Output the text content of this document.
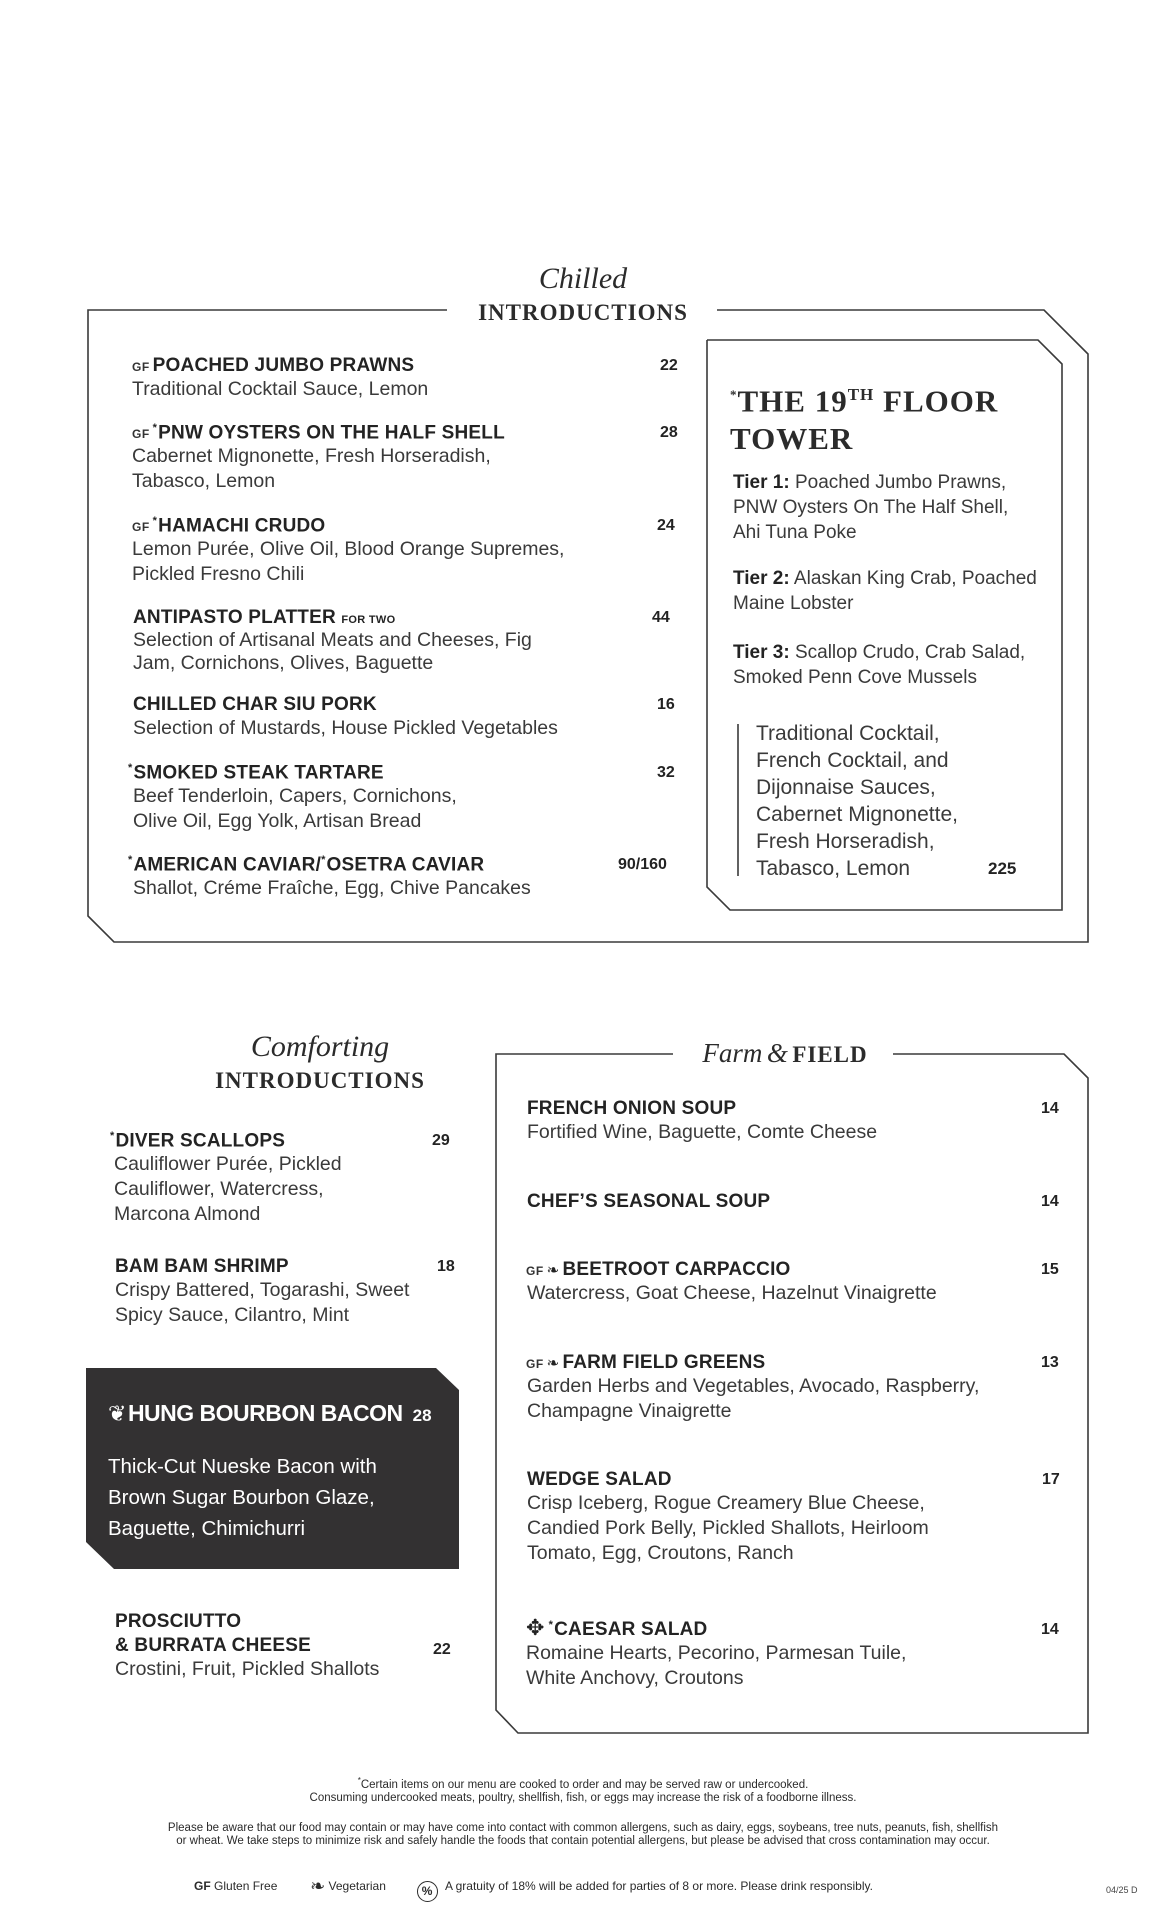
Chilled
INTRODUCTIONS
GF POACHED JUMBO PRAWNS
Traditional Cocktail Sauce, Lemon
22
GF *PNW OYSTERS ON THE HALF SHELL
Cabernet Mignonette, Fresh Horseradish, Tabasco, Lemon
28
GF *HAMACHI CRUDO
Lemon Purée, Olive Oil, Blood Orange Supremes, Pickled Fresno Chili
24
ANTIPASTO PLATTER FOR TWO
Selection of Artisanal Meats and Cheeses, Fig Jam, Cornichons, Olives, Baguette
44
CHILLED CHAR SIU PORK
Selection of Mustards, House Pickled Vegetables
16
*SMOKED STEAK TARTARE
Beef Tenderloin, Capers, Cornichons, Olive Oil, Egg Yolk, Artisan Bread
32
*AMERICAN CAVIAR/*OSETRA CAVIAR
Shallot, Créme Fraîche, Egg, Chive Pancakes
90/160
*THE 19TH FLOOR
TOWER
Tier 1: Poached Jumbo Prawns, PNW Oysters On The Half Shell, Ahi Tuna Poke
Tier 2: Alaskan King Crab, Poached Maine Lobster
Tier 3: Scallop Crudo, Crab Salad, Smoked Penn Cove Mussels
Traditional Cocktail,
French Cocktail, and
Dijonnaise Sauces,
Cabernet Mignonette,
Fresh Horseradish,
Tabasco, Lemon	225
Comforting
INTRODUCTIONS
*DIVER SCALLOPS
Cauliflower Purée, Pickled Cauliflower, Watercress, Marcona Almond
29
BAM BAM SHRIMP
Crispy Battered, Togarashi, Sweet Spicy Sauce, Cilantro, Mint
18
❦HUNG BOURBON BACON 28
Thick-Cut Nueske Bacon with Brown Sugar Bourbon Glaze, Baguette, Chimichurri
PROSCIUTTO
& BURRATA CHEESE
Crostini, Fruit, Pickled Shallots
22
Farm & FIELD
FRENCH ONION SOUP
Fortified Wine, Baguette, Comte Cheese
14
CHEF’S SEASONAL SOUP	14
GF ❧ BEETROOT CARPACCIO
Watercress, Goat Cheese, Hazelnut Vinaigrette
15
GF ❧ FARM FIELD GREENS
Garden Herbs and Vegetables, Avocado, Raspberry, Champagne Vinaigrette
13
WEDGE SALAD
Crisp Iceberg, Rogue Creamery Blue Cheese, Candied Pork Belly, Pickled Shallots, Heirloom Tomato, Egg, Croutons, Ranch
17
✥ *CAESAR SALAD
Romaine Hearts, Pecorino, Parmesan Tuile, White Anchovy, Croutons
14
*Certain items on our menu are cooked to order and may be served raw or undercooked.
Consuming undercooked meats, poultry, shellfish, fish, or eggs may increase the risk of a foodborne illness.
Please be aware that our food may contain or may have come into contact with common allergens, such as dairy, eggs, soybeans, tree nuts, peanuts, fish, shellfish
or wheat. We take steps to minimize risk and safely handle the foods that contain potential allergens, but please be advised that cross contamination may occur.
GF Gluten Free ❧ Vegetarian	% A gratuity of 18% will be added for parties of 8 or more. Please drink responsibly.	04/25 D
